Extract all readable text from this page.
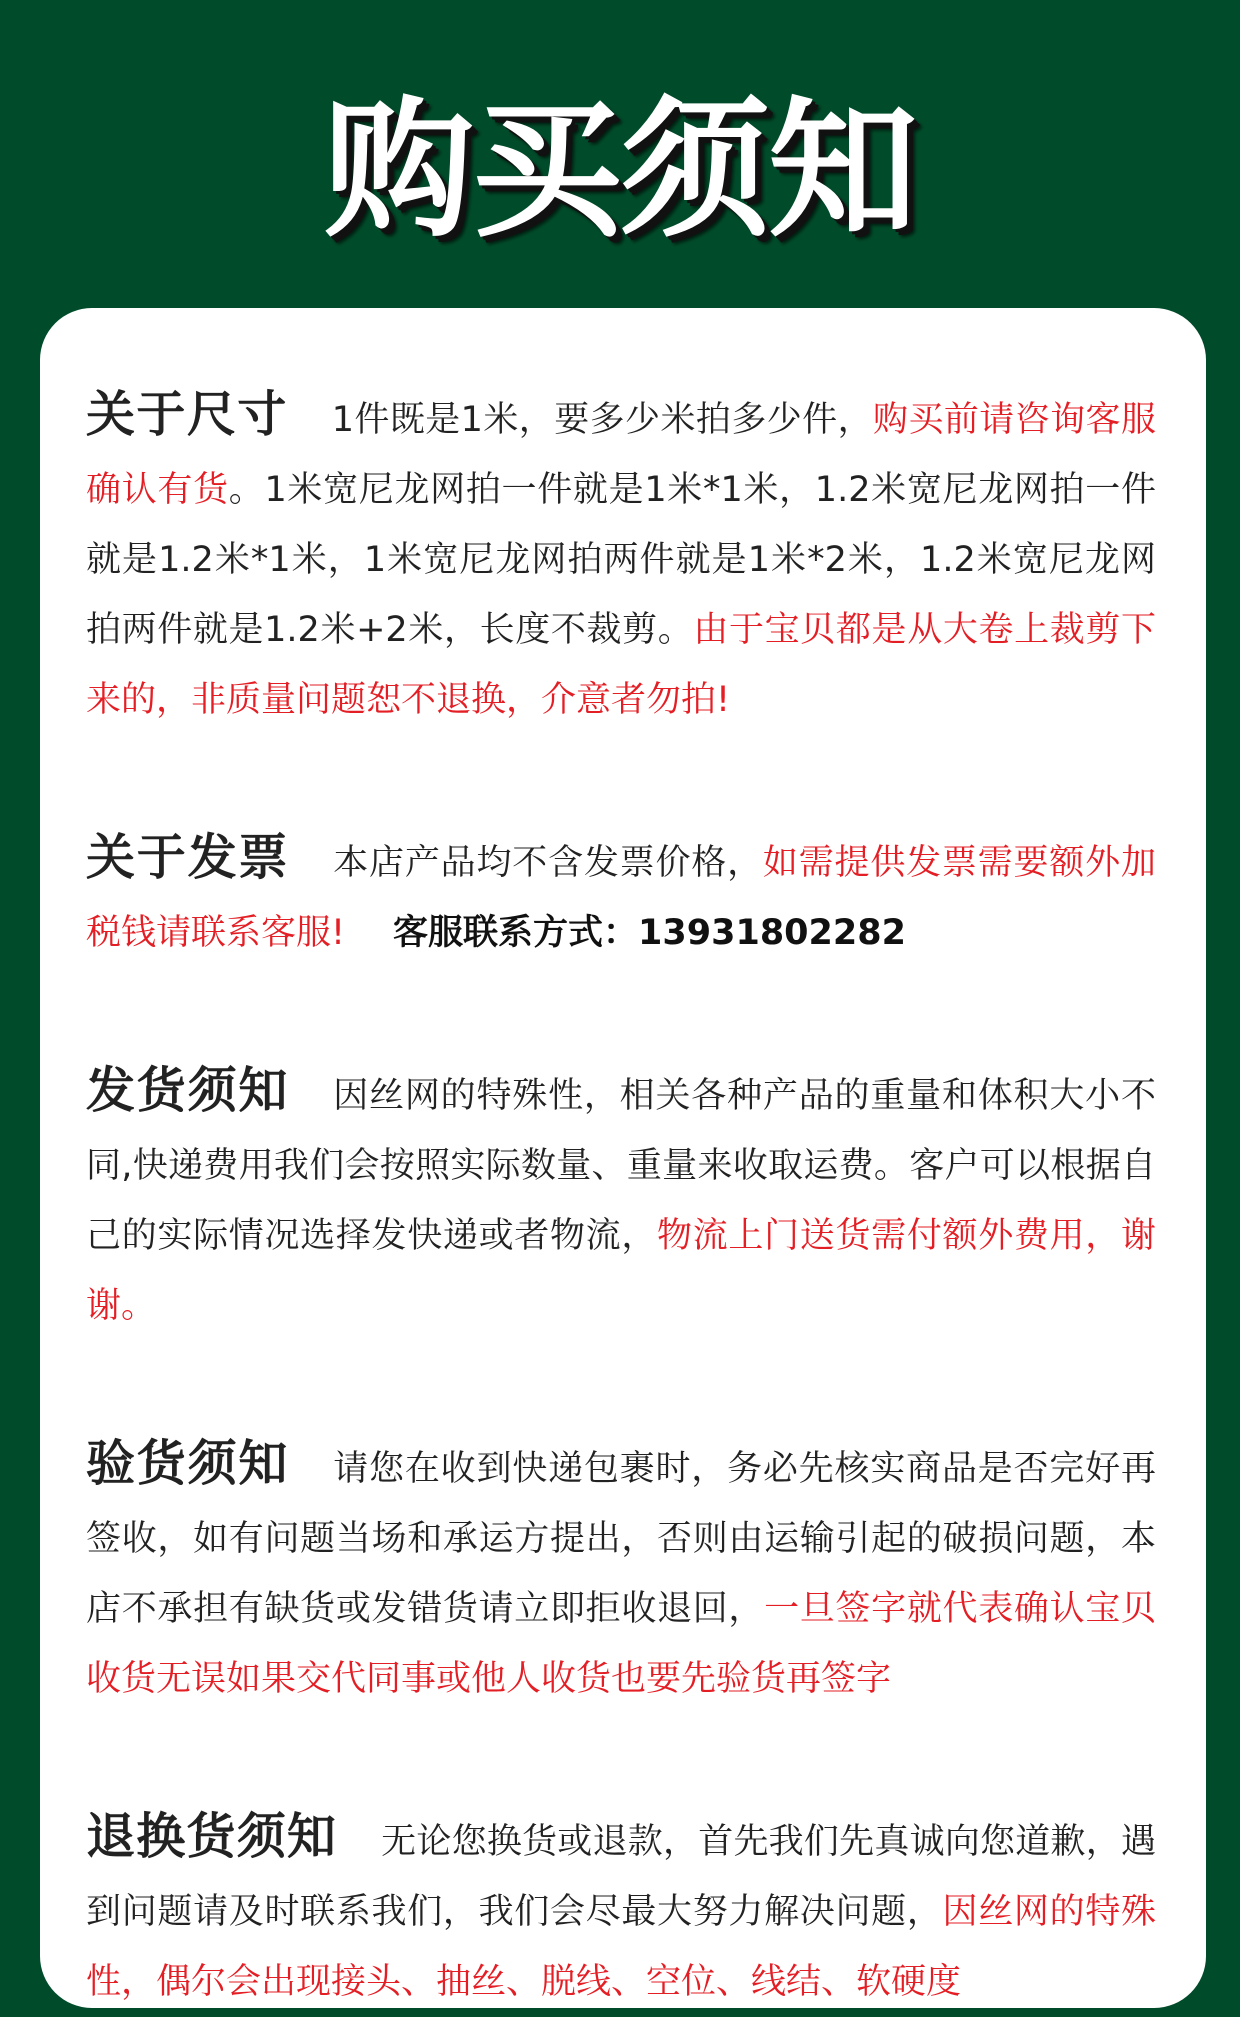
购买须知

关于尺寸 1件既是1米，要多少米拍多少件，购买前请咨询客服确认有货。1米宽尼龙网拍一件就是1米*1米，1.2米宽尼龙网拍一件就是1.2米*1米，1米宽尼龙网拍两件就是1米*2米，1.2米宽尼龙网拍两件就是1.2米+2米，长度不裁剪。由于宝贝都是从大卷上裁剪下来的，非质量问题恕不退换，介意者勿拍!

关于发票 本店产品均不含发票价格，如需提供发票需要额外加税钱请联系客服! 客服联系方式：13931802282

发货须知 因丝网的特殊性，相关各种产品的重量和体积大小不同,快递费用我们会按照实际数量、重量来收取运费。客户可以根据自己的实际情况选择发快递或者物流，物流上门送货需付额外费用，谢谢。

验货须知 请您在收到快递包裹时，务必先核实商品是否完好再签收，如有问题当场和承运方提出，否则由运输引起的破损问题，本店不承担有缺货或发错货请立即拒收退回，一旦签字就代表确认宝贝收货无误如果交代同事或他人收货也要先验货再签字

退换货须知 无论您换货或退款，首先我们先真诚向您道歉，遇到问题请及时联系我们，我们会尽最大努力解决问题，因丝网的特殊性，偶尔会出现接头、抽丝、脱线、空位、线结、软硬度
